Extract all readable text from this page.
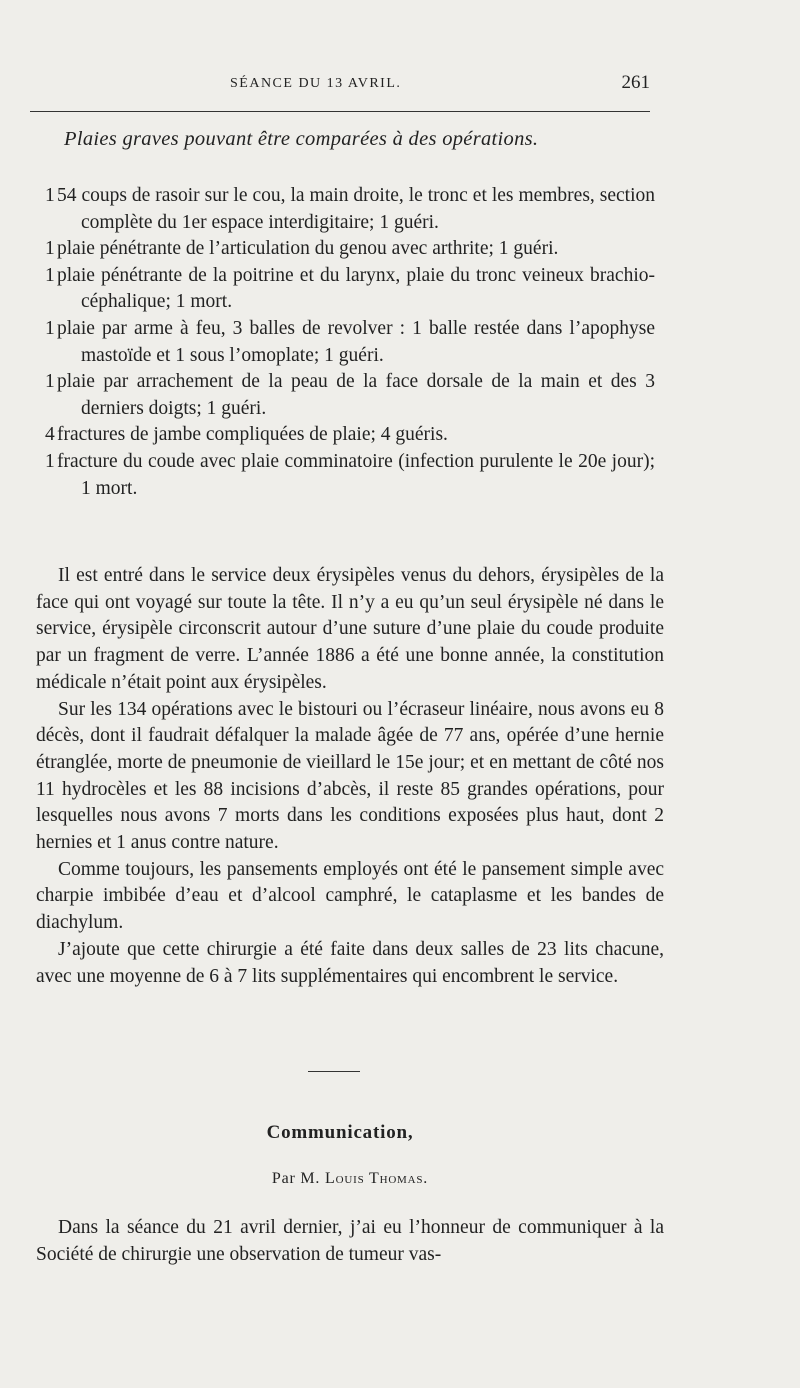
SÉANCE DU 13 AVRIL.	261
Plaies graves pouvant être comparées à des opérations.
1 54 coups de rasoir sur le cou, la main droite, le tronc et les membres, section complète du 1er espace interdigitaire; 1 guéri.
1 plaie pénétrante de l’articulation du genou avec arthrite; 1 guéri.
1 plaie pénétrante de la poitrine et du larynx, plaie du tronc veineux brachio-céphalique; 1 mort.
1 plaie par arme à feu, 3 balles de revolver : 1 balle restée dans l’apophyse mastoïde et 1 sous l’omoplate; 1 guéri.
1 plaie par arrachement de la peau de la face dorsale de la main et des 3 derniers doigts; 1 guéri.
4 fractures de jambe compliquées de plaie; 4 guéris.
1 fracture du coude avec plaie comminatoire (infection purulente le 20e jour); 1 mort.

Il est entré dans le service deux érysipèles venus du dehors, érysipèles de la face qui ont voyagé sur toute la tête. Il n’y a eu qu’un seul érysipèle né dans le service, érysipèle circonscrit autour d’une suture d’une plaie du coude produite par un fragment de verre. L’année 1886 a été une bonne année, la constitution médicale n’était point aux érysipèles.

Sur les 134 opérations avec le bistouri ou l’écraseur linéaire, nous avons eu 8 décès, dont il faudrait défalquer la malade âgée de 77 ans, opérée d’une hernie étranglée, morte de pneumonie de vieillard le 15e jour; et en mettant de côté nos 11 hydrocèles et les 88 incisions d’abcès, il reste 85 grandes opérations, pour lesquelles nous avons 7 morts dans les conditions exposées plus haut, dont 2 hernies et 1 anus contre nature.

Comme toujours, les pansements employés ont été le pansement simple avec charpie imbibée d’eau et d’alcool camphré, le cataplasme et les bandes de diachylum.

J’ajoute que cette chirurgie a été faite dans deux salles de 23 lits chacune, avec une moyenne de 6 à 7 lits supplémentaires qui encombrent le service.

Communication,
Par M. Louis Thomas.

Dans la séance du 21 avril dernier, j’ai eu l’honneur de communiquer à la Société de chirurgie une observation de tumeur vas-
